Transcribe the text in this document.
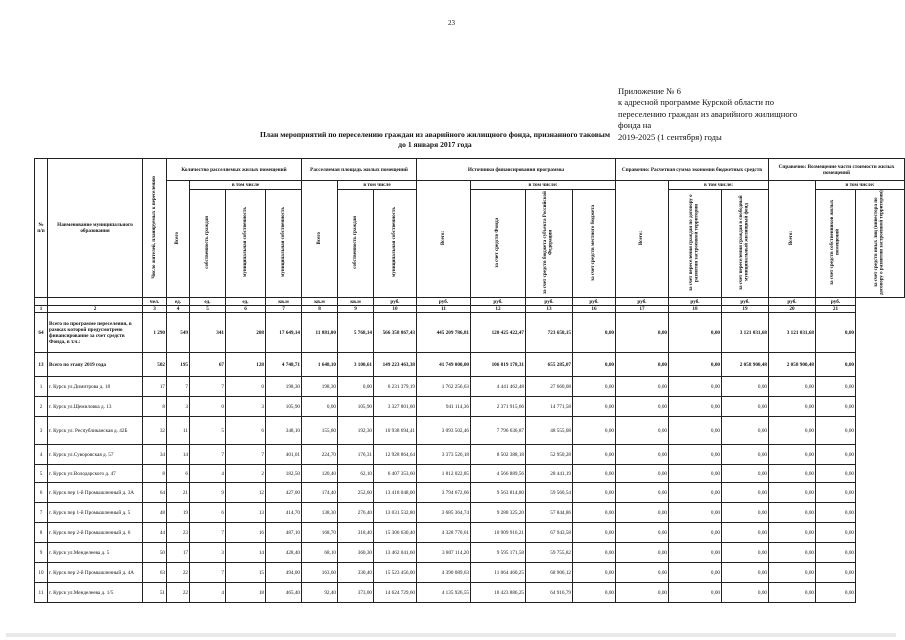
23
Приложение № 6
к адресной программе Курской области по
переселению граждан из аварийного жилищного
фонда на
2019-2025 (1 сентября) годы
План мероприятий по переселению граждан из аварийного жилищного фонда, признанного таковым
до 1 января 2017 года
№ п/п	Наименование муниципального образования	Число жителей, планируемых к переселению	Количество расселяемых жилых помещений				Расселяемая площадь жилых помещений			Источники финансирования программы				Справочно: Расчетная сумма экономии бюджетных средств			Справочно: Возмещение части стоимости жилых помещений		
			Всего	в том числе			Всего	в том числе		Всего:	в том числе:			Всего:	в том числе:		Всего:	в том числе:	
				собственность граждан	муниципальная собственность	муниципальная собственность		собственность граждан	муниципальная собственность		за счет средств Фонда	за счет средств бюджета субъекта Российской Федерации	за счет средств местного бюджета		за счет переселения граждан по договору о развитии застроенной территории	за счет переселения граждан в свободный муниципальный жилищный фонд		за счет средств собственников жилых помещений	за счет средств иных лиц (инвестора по договору о развитии застроенной территории)
		чел.	ед.	ед.	ед.	кв.м	кв.м	кв.м	руб.	руб.	руб.	руб.	руб.	руб.	руб.	руб.	руб.	руб.	
1	2	3	4	5	6	7	8	9	10	11	12	13	16	17	18	19	20	21	
64	Всего по программе переселения, в рамках которой предусмотрено финансирование за счет средств Фонда, в т.ч.:	1 290	549	341	208	17 649,14	11 881,00	5 768,14	566 358 867,43	445 209 786,81	120 425 422,47	723 658,15	0,00	0,00	0,00	3 121 031,68	3 121 031,68	0,00	
13	Всего по этапу 2019 года	502	195	67	128	4 748,71	1 648,10	3 100,61	149 223 463,38	41 749 000,00	106 819 178,31	655 285,07	0,00	0,00	0,00	2 058 900,48	2 058 900,48	0,00	
1	г. Курск ул.Димитрова д. 18	17	7	7	0	198,30	198,30	0,00	6 231 379,19	1 762 256,63	4 441 462,48	27 660,08	0,00	0,00	0,00	0,00	0,00	0,00	
2	г. Курск ул.Щемиловка д. 13	8	3	0	3	105,90	0,00	105,90	3 327 801,60	941 114,36	2 371 915,66	14 771,58	0,00	0,00	0,00	0,00	0,00	0,00	
3	г. Курск ул. Республиканская д. 42Б	32	11	5	6	348,10	155,80	192,30	10 938 694,41	3 093 502,46	7 796 636,87	48 555,08	0,00	0,00	0,00	0,00	0,00	0,00	
4	г. Курск ул.Суворовская д. 57	34	14	7	7	401,01	224,70	176,31	12 928 864,64	3 373 526,18	8 502 388,18	52 950,28	0,00	0,00	0,00	0,00	0,00	0,00	
5	г. Курск ул.Володарского д. 47	8	6	4	2	182,50	120,40	62,10	6 407 353,60	1 812 022,85	4 566 889,56	28 441,19	0,00	0,00	0,00	0,00	0,00	0,00	
6	г. Курск пер 1-й Промышленный д. 3А	64	21	9	12	427,00	174,40	252,60	13 418 048,00	3 794 672,66	9 563 814,80	59 560,54	0,00	0,00	0,00	0,00	0,00	0,00	
7	г. Курск пер 1-й Промышленный д. 5	48	19	6	13	414,70	138,30	276,40	13 031 532,80	3 685 364,74	9 288 325,20	57 844,86	0,00	0,00	0,00	0,00	0,00	0,00	
8	г. Курск пер 2-й Промышленный д. 6	44	23	7	16	487,10	168,70	318,40	15 306 630,40	4 328 770,61	10 909 916,21	67 943,58	0,00	0,00	0,00	0,00	0,00	0,00	
9	г. Курск ул.Менделеева д. 5	50	17	3	14	428,40	68,10	360,30	13 462 041,60	3 807 114,20	9 595 171,58	59 755,82	0,00	0,00	0,00	0,00	0,00	0,00	
10	г. Курск пер 2-й Промышленный д. 4А	63	22	7	15	494,00	163,60	330,40	15 523 456,00	4 390 089,63	11 064 460,25	68 906,12	0,00	0,00	0,00	0,00	0,00	0,00	
11	г. Курск ул.Менделеева д. 1/5	51	22	4	18	465,40	92,40	373,00	14 624 729,60	4 135 926,55	10 423 886,25	64 916,79	0,00	0,00	0,00	0,00	0,00	0,00	
